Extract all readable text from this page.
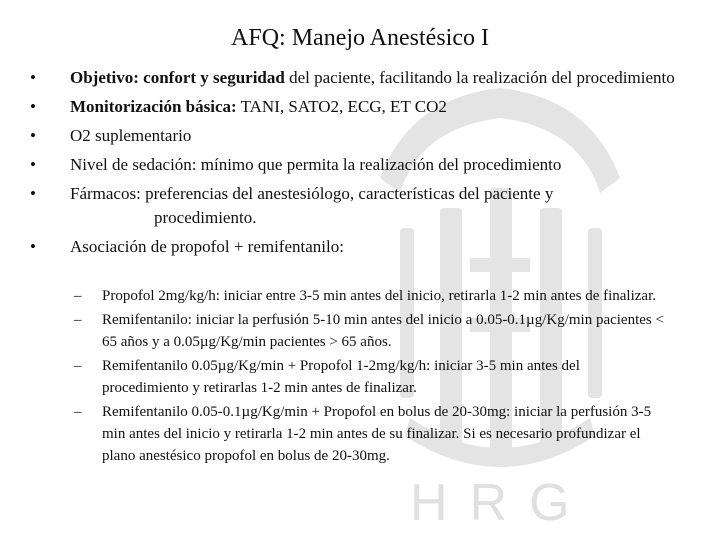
HRG
AFQ: Manejo Anestésico I
• Objetivo: confort y seguridad del paciente, facilitando la realización del procedimiento
• Monitorización básica: TANI, SATO2, ECG, ET CO2
• O2 suplementario
• Nivel de sedación: mínimo que permita la realización del procedimiento
• Fármacos: preferencias del anestesiólogo, características del paciente y
procedimiento.
• Asociación de propofol + remifentanilo:
– Propofol 2mg/kg/h: iniciar entre 3-5 min antes del inicio, retirarla 1-2 min antes de finalizar.
– Remifentanilo: iniciar la perfusión 5-10 min antes del inicio a 0.05-0.1µg/Kg/min pacientes < 65 años y a 0.05µg/Kg/min pacientes > 65 años.
– Remifentanilo 0.05µg/Kg/min + Propofol 1-2mg/kg/h: iniciar 3-5 min antes del procedimiento y retirarlas 1-2 min antes de finalizar.
– Remifentanilo 0.05-0.1µg/Kg/min + Propofol en bolus de 20-30mg: iniciar la perfusión 3-5 min antes del inicio y retirarla 1-2 min antes de su finalizar. Si es necesario profundizar el plano anestésico propofol en bolus de 20-30mg.
